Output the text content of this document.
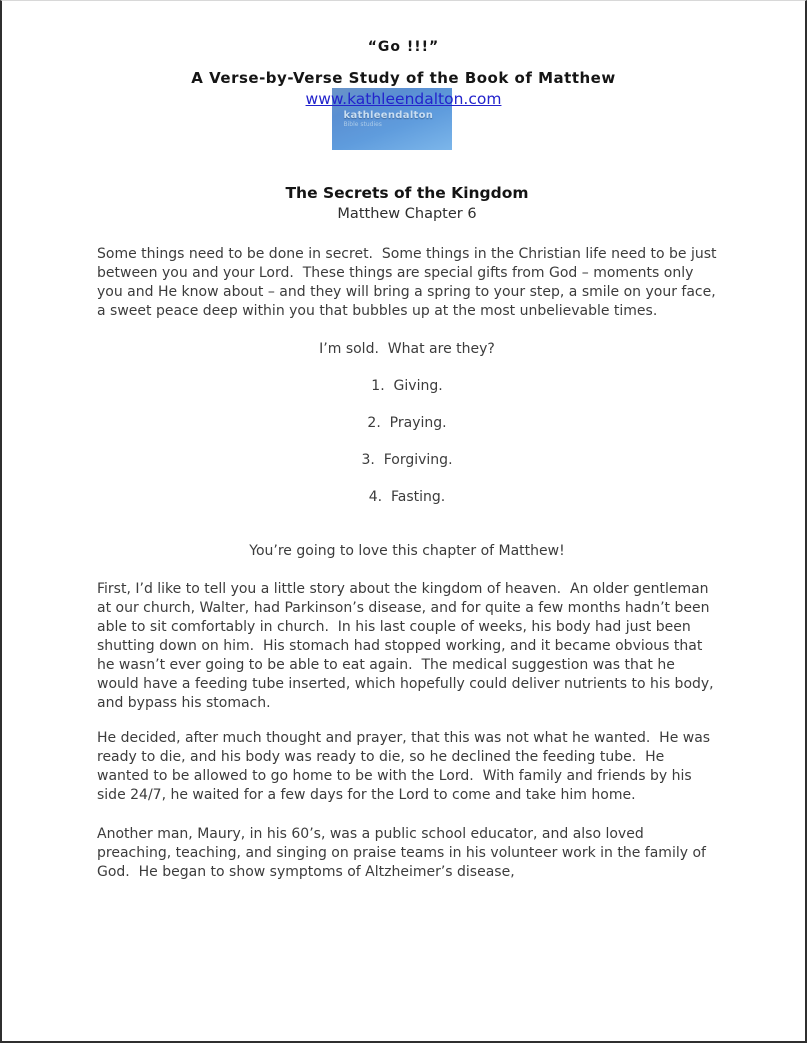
“Go !!!”
A Verse-by-Verse Study of the Book of Matthew
www.kathleendalton.com
kathleendalton
Bible studies
The Secrets of the Kingdom
Matthew Chapter 6

Some things need to be done in secret.  Some things in the Christian life need to be just between you and your Lord.  These things are special gifts from God – moments only you and He know about – and they will bring a spring to your step, a smile on your face, a sweet peace deep within you that bubbles up at the most unbelievable times.

I’m sold.  What are they?

1.  Giving.

2.  Praying.

3.  Forgiving.

4.  Fasting.

You’re going to love this chapter of Matthew!

First, I’d like to tell you a little story about the kingdom of heaven.  An older gentleman at our church, Walter, had Parkinson’s disease, and for quite a few months hadn’t been able to sit comfortably in church.  In his last couple of weeks, his body had just been shutting down on him.  His stomach had stopped working, and it became obvious that he wasn’t ever going to be able to eat again.  The medical suggestion was that he would have a feeding tube inserted, which hopefully could deliver nutrients to his body, and bypass his stomach.

He decided, after much thought and prayer, that this was not what he wanted.  He was ready to die, and his body was ready to die, so he declined the feeding tube.  He wanted to be allowed to go home to be with the Lord.  With family and friends by his side 24/7, he waited for a few days for the Lord to come and take him home.

Another man, Maury, in his 60’s, was a public school educator, and also loved preaching, teaching, and singing on praise teams in his volunteer work in the family of God.  He began to show symptoms of Altzheimer’s disease,
